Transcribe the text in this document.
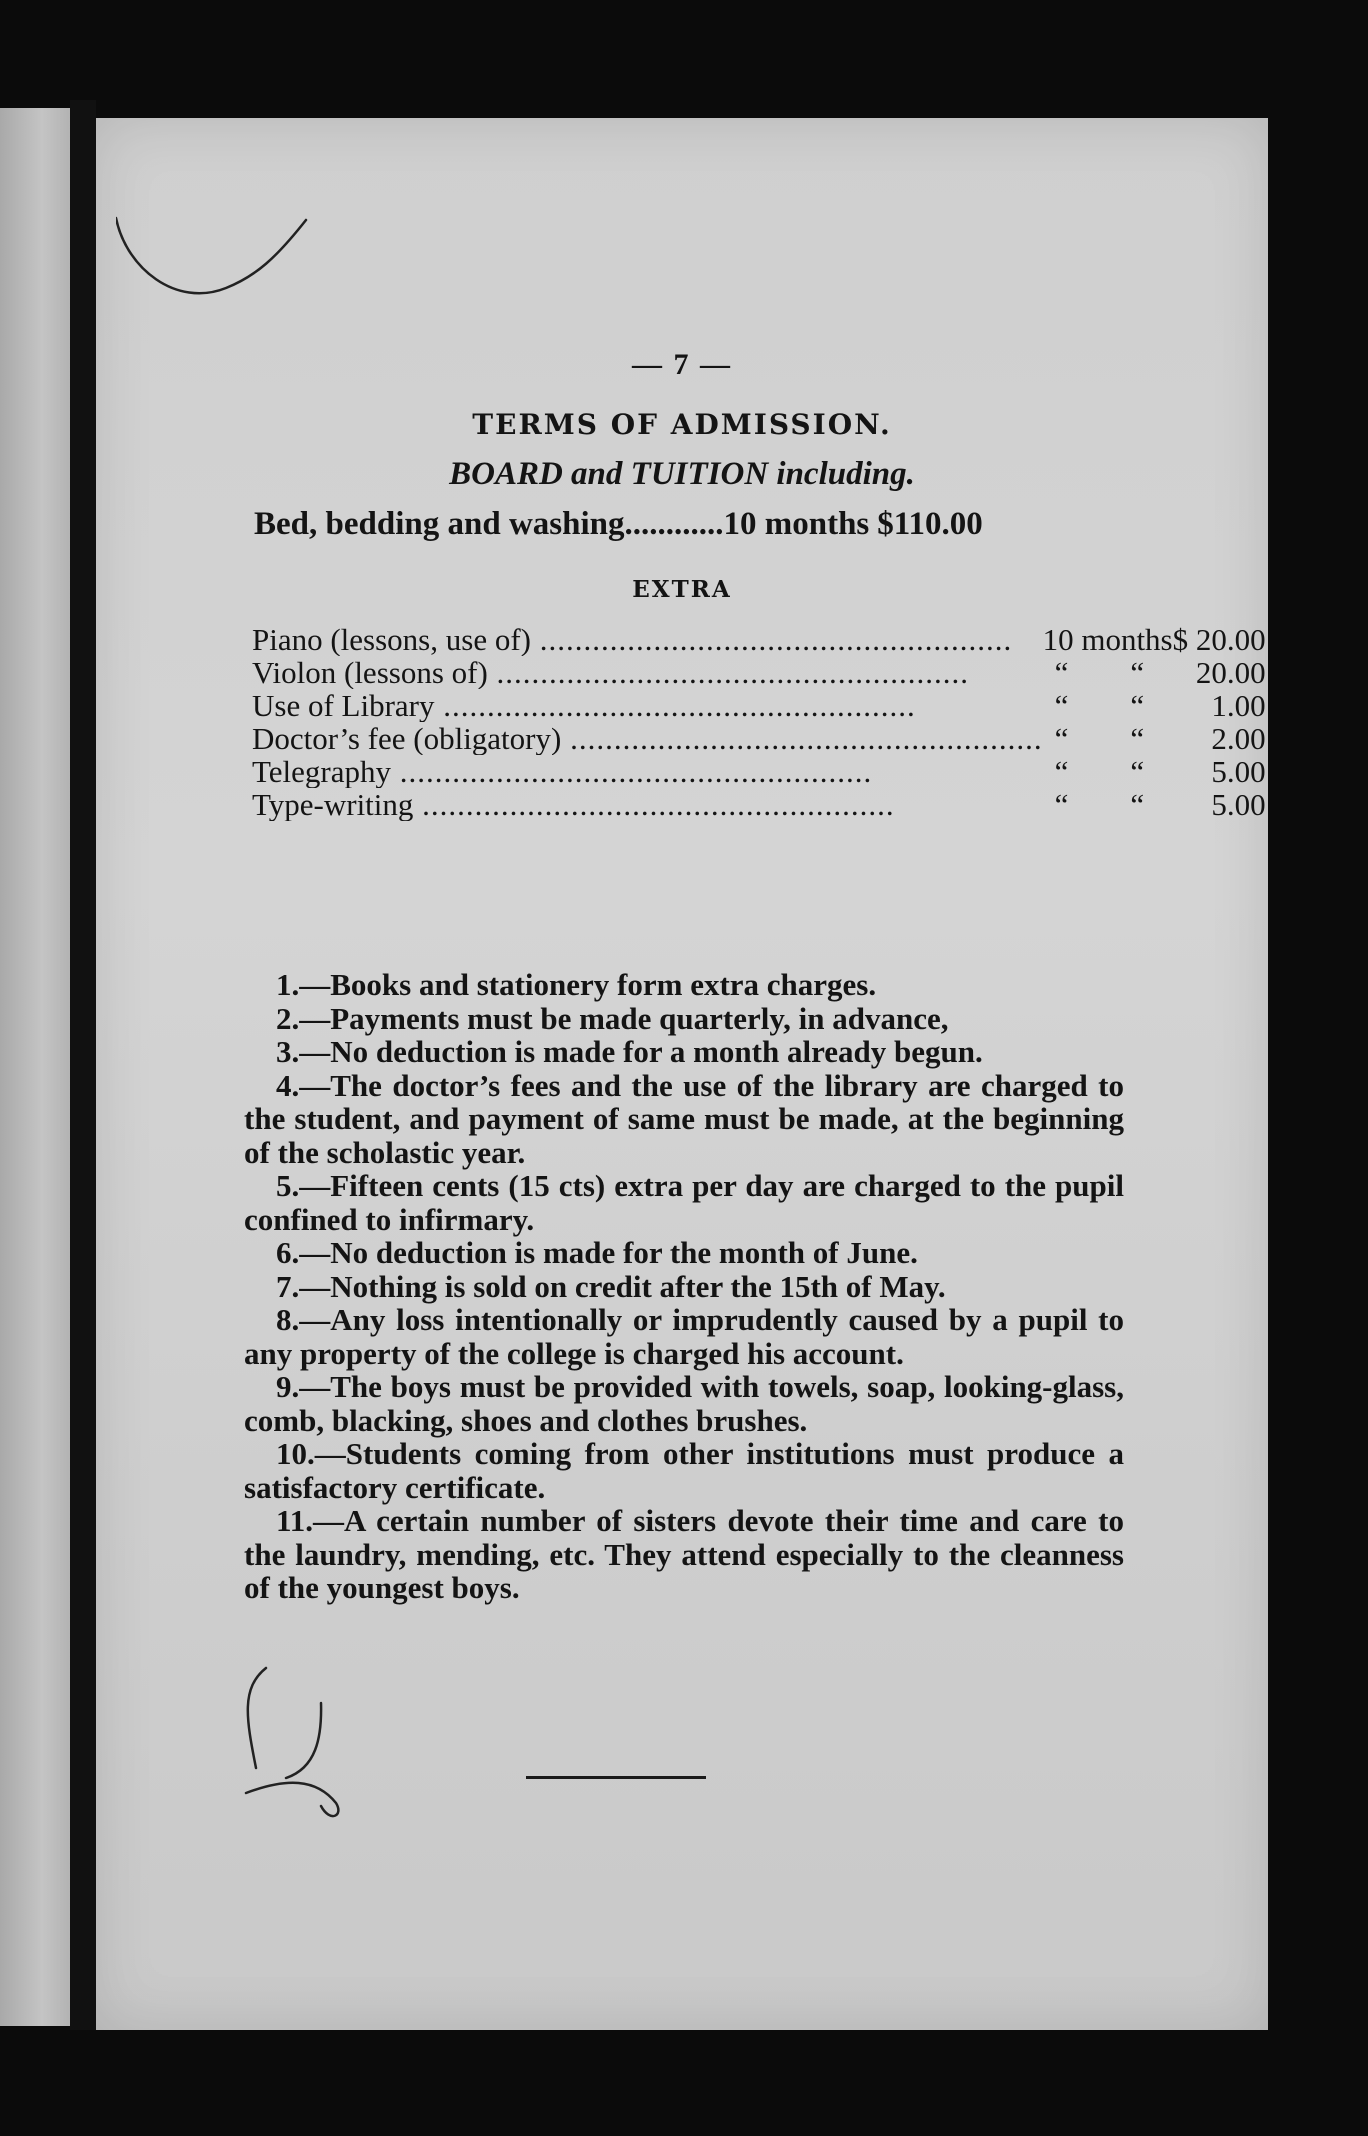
— 7 —
TERMS OF ADMISSION.
BOARD and TUITION including.
Bed, bedding and washing ............ 10 months $110.00
EXTRA
Piano (lessons, use of) .....	10 months	$ 20.00
Violon (lessons of) .....	“        “	20.00
Use of Library .....	“        “	1.00
Doctor’s fee (obligatory) .....	“        “	2.00
Telegraphy .....	“        “	5.00
Type-writing .....	“        “	5.00

1.—Books and stationery form extra charges.

2.—Payments must be made quarterly, in advance,

3.—No deduction is made for a month already begun.

4.—The doctor’s fees and the use of the library are charged to the student, and payment of same must be made, at the beginning of the scholastic year.

5.—Fifteen cents (15 cts) extra per day are charged to the pupil confined to infirmary.

6.—No deduction is made for the month of June.

7.—Nothing is sold on credit after the 15th of May.

8.—Any loss intentionally or imprudently caused by a pupil to any property of the college is charged his account.

9.—The boys must be provided with towels, soap, looking-glass, comb, blacking, shoes and clothes brushes.

10.—Students coming from other institutions must produce a satisfactory certificate.

11.—A certain number of sisters devote their time and care to the laundry, mending, etc. They attend especially to the cleanness of the youngest boys.
